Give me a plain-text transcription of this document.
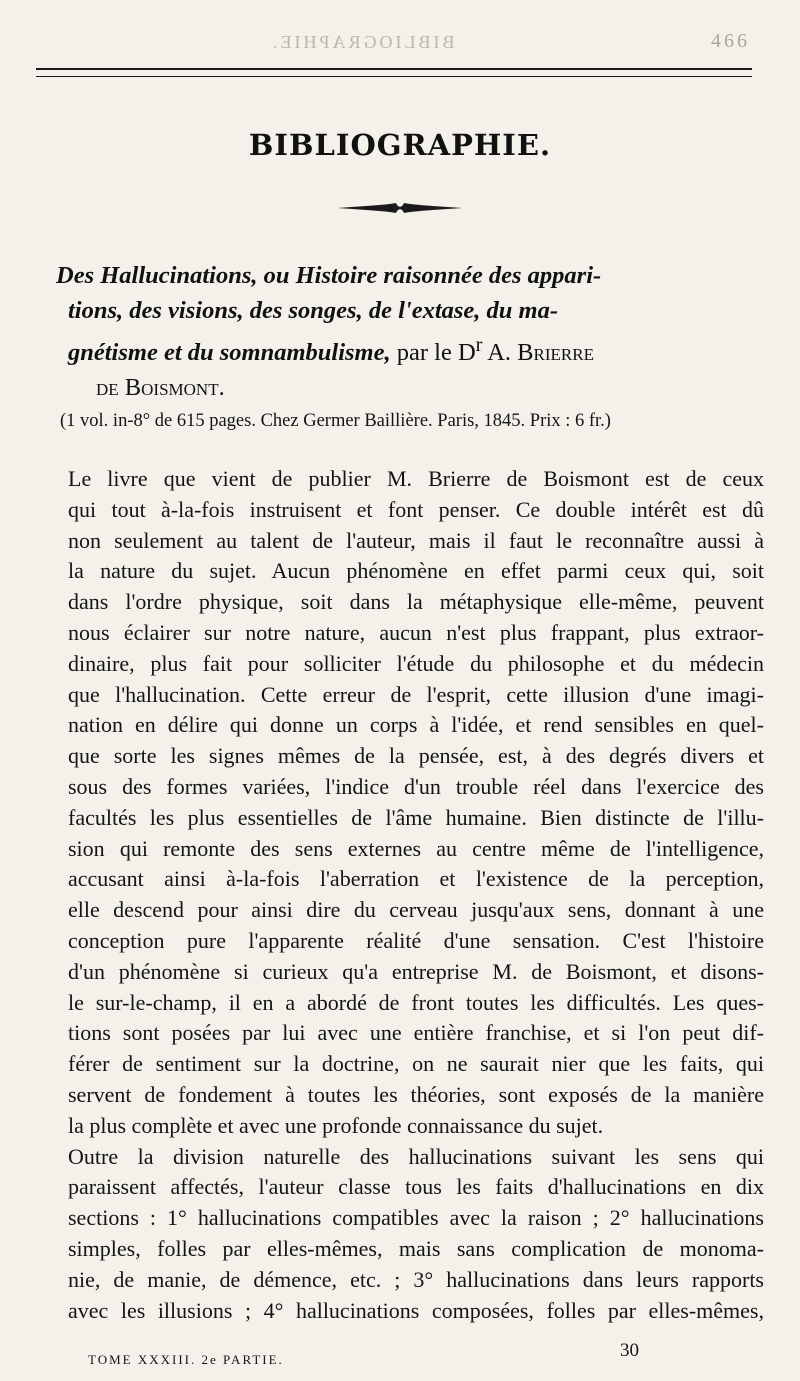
BIBLIOGRAPHIE.	466
BIBLIOGRAPHIE.
Des Hallucinations, ou Histoire raisonnée des appari-
tions, des visions, des songes, de l'extase, du ma-
gnétisme et du somnambulisme, par le $D^r$ A. Brierre
de Boismont.
(1 vol. in-8° de 615 pages. Chez Germer Baillière. Paris, 1845. Prix : 6 fr.)

Le livre que vient de publier M. Brierre de Boismont est de ceux
qui tout à-la-fois instruisent et font penser. Ce double intérêt est dû
non seulement au talent de l'auteur, mais il faut le reconnaître aussi à
la nature du sujet. Aucun phénomène en effet parmi ceux qui, soit
dans l'ordre physique, soit dans la métaphysique elle-même, peuvent
nous éclairer sur notre nature, aucun n'est plus frappant, plus extraor-
dinaire, plus fait pour solliciter l'étude du philosophe et du médecin
que l'hallucination. Cette erreur de l'esprit, cette illusion d'une imagi-
nation en délire qui donne un corps à l'idée, et rend sensibles en quel-
que sorte les signes mêmes de la pensée, est, à des degrés divers et
sous des formes variées, l'indice d'un trouble réel dans l'exercice des
facultés les plus essentielles de l'âme humaine. Bien distincte de l'illu-
sion qui remonte des sens externes au centre même de l'intelligence,
accusant ainsi à-la-fois l'aberration et l'existence de la perception,
elle descend pour ainsi dire du cerveau jusqu'aux sens, donnant à une
conception pure l'apparente réalité d'une sensation. C'est l'histoire
d'un phénomène si curieux qu'a entreprise M. de Boismont, et disons-
le sur-le-champ, il en a abordé de front toutes les difficultés. Les ques-
tions sont posées par lui avec une entière franchise, et si l'on peut dif-
férer de sentiment sur la doctrine, on ne saurait nier que les faits, qui
servent de fondement à toutes les théories, sont exposés de la manière
la plus complète et avec une profonde connaissance du sujet.

Outre la division naturelle des hallucinations suivant les sens qui
paraissent affectés, l'auteur classe tous les faits d'hallucinations en dix
sections : 1° hallucinations compatibles avec la raison ; 2° hallucinations
simples, folles par elles-mêmes, mais sans complication de monoma-
nie, de manie, de démence, etc. ; 3° hallucinations dans leurs rapports
avec les illusions ; 4° hallucinations composées, folles par elles-mêmes,

TOME XXXIII. 2e PARTIE.	30
